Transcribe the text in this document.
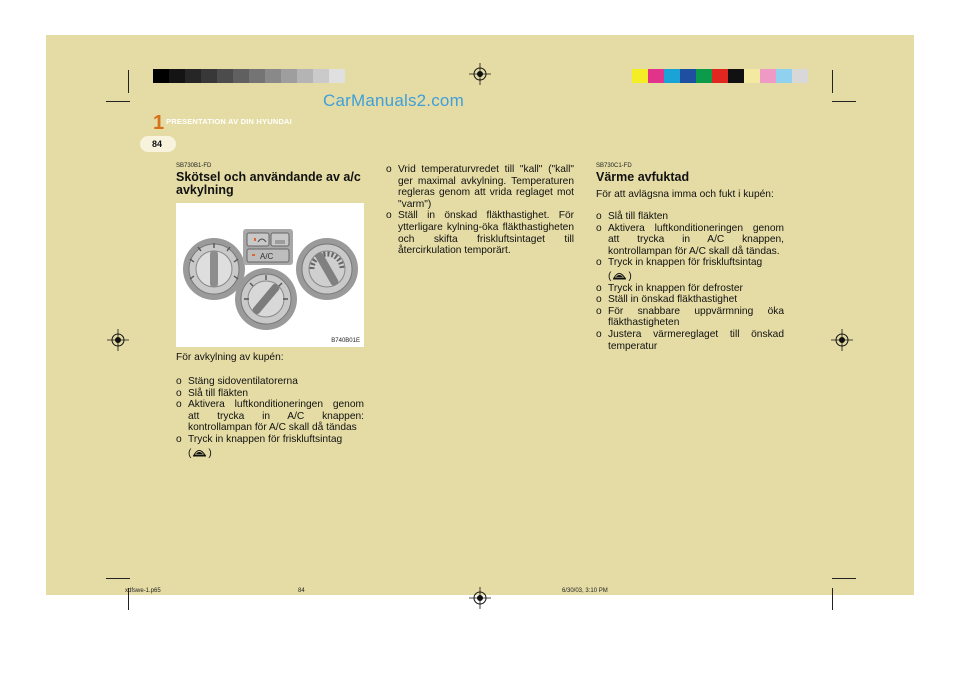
CarManuals2.com
1 PRESENTATION AV DIN HYUNDAI
84
SB730B1-FD
Skötsel och användande av a/c avkylning
A/C
B740B01E
För avkylning av kupén:
o Stäng sidoventilatorerna
o Slå till fläkten
o Aktivera luftkonditioneringen genom att trycka in A/C knappen: kontrollampan för A/C skall då tändas
o Tryck in knappen för friskluftsintag
( )
o Vrid temperaturvredet till "kall" ("kall" ger maximal avkylning. Temperaturen regleras genom att vrida reglaget mot "varm")
o Ställ in önskad fläkthastighet. För ytterligare kylning-öka fläkthastigheten och skifta friskluftsintaget till återcirkulation temporärt.
SB730C1-FD
Värme avfuktad
För att avlägsna imma och fukt i kupén:
o Slå till fläkten
o Aktivera luftkonditioneringen genom att trycka in A/C knappen, kontrollampan för A/C skall då tändas.
o Tryck in knappen för friskluftsintag
( )
o Tryck in knappen för defroster
o Ställ in önskad fläkthastighet
o För snabbare uppvärmning öka fläkthastigheten
o Justera värmereglaget till önskad temperatur
xdfswe-1.p65	84	6/30/03, 3:10 PM
